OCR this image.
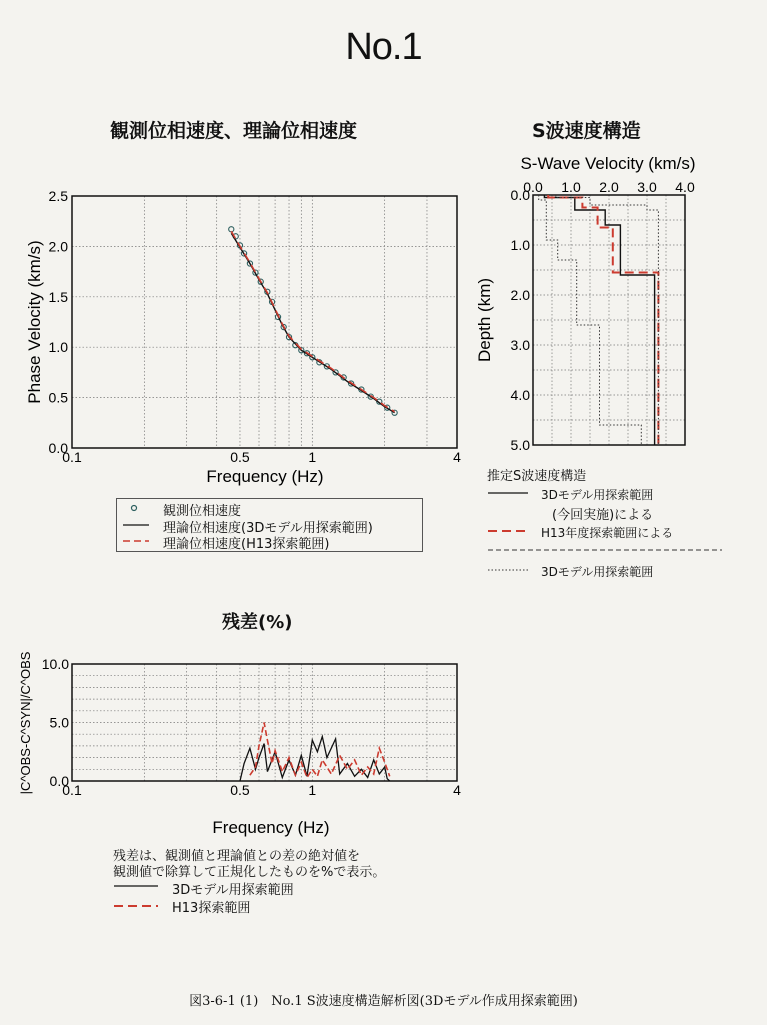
No.1
観測位相速度、理論位相速度	S波速度構造
残差(%)
0.1	0.5	1	4
0.0
0.5
1.0
1.5
2.0
2.5
Frequency (Hz)
Phase Velocity (km/s)
観測位相速度
理論位相速度(3Dモデル用探索範囲)
理論位相速度(H13探索範囲)
S-Wave Velocity (km/s)
0.0 1.0 2.0 3.0 4.0
0.0
1.0
2.0
3.0
4.0
5.0
Depth (km)
推定S波速度構造
3Dモデル用探索範囲
(今回実施)による
H13年度探索範囲による
3Dモデル用探索範囲
0.1	0.5	1	4
0.0
5.0
10.0
Frequency (Hz)
|C^OBS-C^SYN|/C^OBS
残差は、観測値と理論値との差の絶対値を
観測値で除算して正規化したものを%で表示。
3Dモデル用探索範囲
H13探索範囲
図3-6-1 (1)　No.1 S波速度構造解析図(3Dモデル作成用探索範囲)
